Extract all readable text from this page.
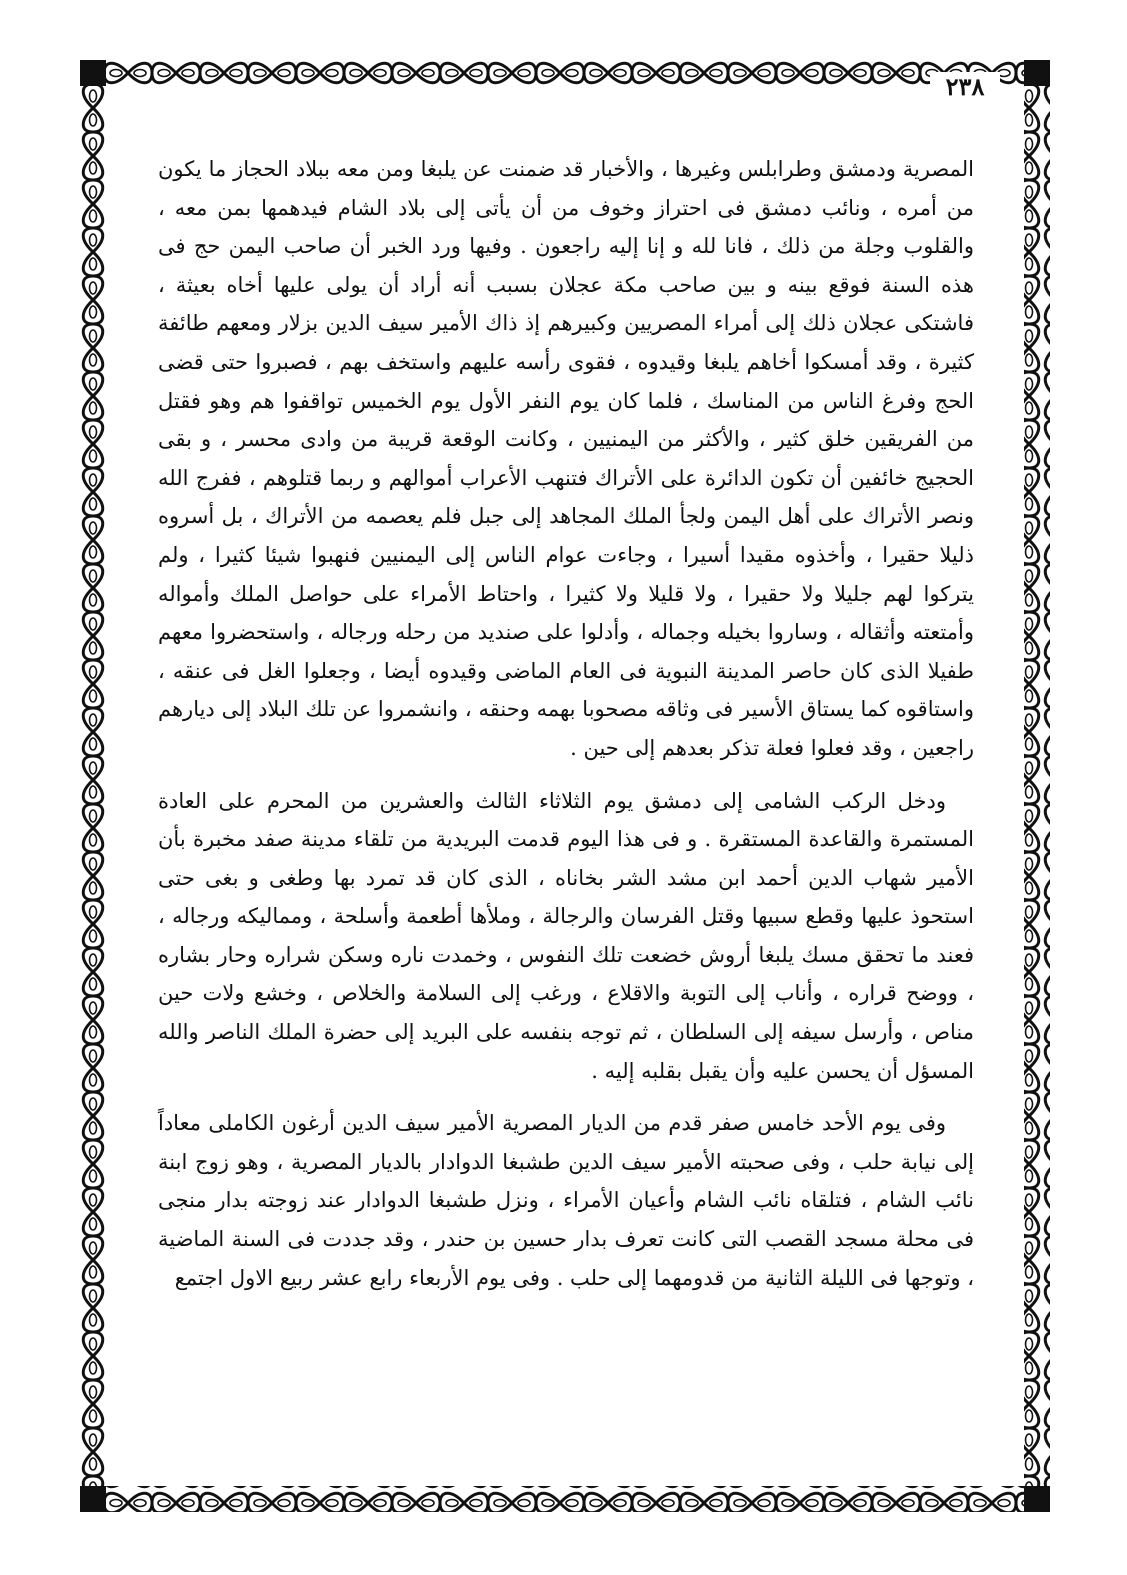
٢٣٨

المصرية ودمشق وطرابلس وغيرها ، والأخبار قد ضمنت عن يلبغا ومن معه ببلاد الحجاز ما يكون من أمره ، ونائب دمشق فى احتراز وخوف من أن يأتى إلى بلاد الشام فيدهمها بمن معه ، والقلوب وجلة من ذلك ، فانا لله و إنا إليه راجعون . وفيها ورد الخبر أن صاحب اليمن حج فى هذه السنة فوقع بينه و بين صاحب مكة عجلان بسبب أنه أراد أن يولى عليها أخاه بعيثة ، فاشتكى عجلان ذلك إلى أمراء المصريين وكبيرهم إذ ذاك الأمير سيف الدين بزلار ومعهم طائفة كثيرة ، وقد أمسكوا أخاهم يلبغا وقيدوه ، فقوى رأسه عليهم واستخف بهم ، فصبروا حتى قضى الحج وفرغ الناس من المناسك ، فلما كان يوم النفر الأول يوم الخميس تواقفوا هم وهو فقتل من الفريقين خلق كثير ، والأكثر من اليمنيين ، وكانت الوقعة قريبة من وادى محسر ، و بقى الحجيج خائفين أن تكون الدائرة على الأتراك فتنهب الأعراب أموالهم و ربما قتلوهم ، ففرج الله ونصر الأتراك على أهل اليمن ولجأ الملك المجاهد إلى جبل فلم يعصمه من الأتراك ، بل أسروه ذليلا حقيرا ، وأخذوه مقيدا أسيرا ، وجاءت عوام الناس إلى اليمنيين فنهبوا شيئا كثيرا ، ولم يتركوا لهم جليلا ولا حقيرا ، ولا قليلا ولا كثيرا ، واحتاط الأمراء على حواصل الملك وأمواله وأمتعته وأثقاله ، وساروا بخيله وجماله ، وأدلوا على صنديد من رحله ورجاله ، واستحضروا معهم طفيلا الذى كان حاصر المدينة النبوية فى العام الماضى وقيدوه أيضا ، وجعلوا الغل فى عنقه ، واستاقوه كما يستاق الأسير فى وثاقه مصحوبا بهمه وحنقه ، وانشمروا عن تلك البلاد إلى ديارهم راجعين ، وقد فعلوا فعلة تذكر بعدهم إلى حين .

ودخل الركب الشامى إلى دمشق يوم الثلاثاء الثالث والعشرين من المحرم على العادة المستمرة والقاعدة المستقرة . و فى هذا اليوم قدمت البريدية من تلقاء مدينة صفد مخبرة بأن الأمير شهاب الدين أحمد ابن مشد الشر بخاناه ، الذى كان قد تمرد بها وطغى و بغى حتى استحوذ عليها وقطع سبيها وقتل الفرسان والرجالة ، وملأها أطعمة وأسلحة ، ومماليكه ورجاله ، فعند ما تحقق مسك يلبغا أروش خضعت تلك النفوس ، وخمدت ناره وسكن شراره وحار بشاره ، ووضح قراره ، وأناب إلى التوبة والاقلاع ، ورغب إلى السلامة والخلاص ، وخشع ولات حين مناص ، وأرسل سيفه إلى السلطان ، ثم توجه بنفسه على البريد إلى حضرة الملك الناصر والله المسؤل أن يحسن عليه وأن يقبل بقلبه إليه .

وفى يوم الأحد خامس صفر قدم من الديار المصرية الأمير سيف الدين أرغون الكاملى معاداً إلى نيابة حلب ، وفى صحبته الأمير سيف الدين طشبغا الدوادار بالديار المصرية ، وهو زوج ابنة نائب الشام ، فتلقاه نائب الشام وأعيان الأمراء ، ونزل طشبغا الدوادار عند زوجته بدار منجى فى محلة مسجد القصب التى كانت تعرف بدار حسين بن حندر ، وقد جددت فى السنة الماضية ، وتوجها فى الليلة الثانية من قدومهما إلى حلب . وفى يوم الأربعاء رابع عشر ربيع الاول اجتمع
